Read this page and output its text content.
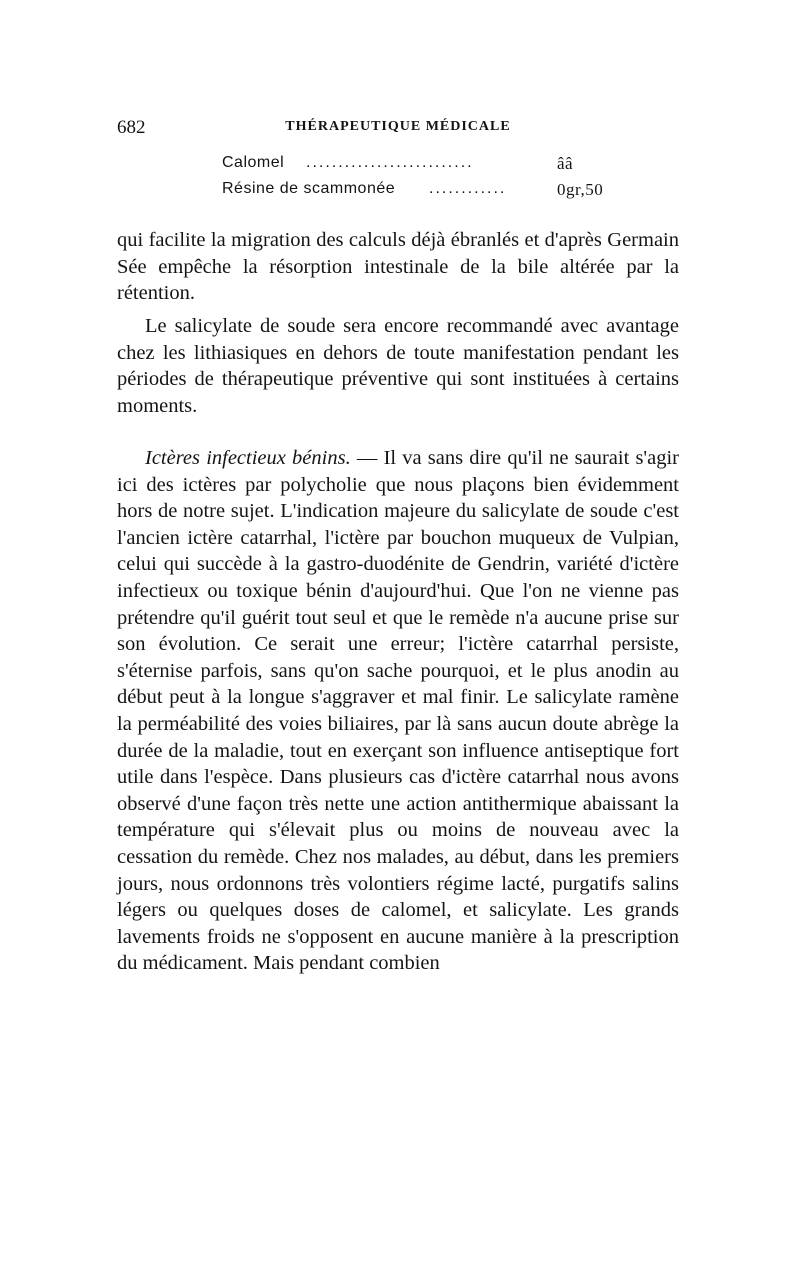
682	THÉRAPEUTIQUE MÉDICALE
Calomel ..........................	ââ
Résine de scammonée ............	0gr,50

qui facilite la migration des calculs déjà ébranlés et d'après Germain Sée empêche la résorption intestinale de la bile altérée par la rétention.

Le salicylate de soude sera encore recommandé avec avantage chez les lithiasiques en dehors de toute manifestation pendant les périodes de thérapeutique préventive qui sont instituées à certains moments.

Ictères infectieux bénins. — Il va sans dire qu'il ne saurait s'agir ici des ictères par polycholie que nous plaçons bien évidemment hors de notre sujet. L'indication majeure du salicylate de soude c'est l'ancien ictère catarrhal, l'ictère par bouchon muqueux de Vulpian, celui qui succède à la gastro-duodénite de Gendrin, variété d'ictère infectieux ou toxique bénin d'aujourd'hui. Que l'on ne vienne pas prétendre qu'il guérit tout seul et que le remède n'a aucune prise sur son évolution. Ce serait une erreur; l'ictère catarrhal persiste, s'éternise parfois, sans qu'on sache pourquoi, et le plus anodin au début peut à la longue s'aggraver et mal finir. Le salicylate ramène la perméabilité des voies biliaires, par là sans aucun doute abrège la durée de la maladie, tout en exerçant son influence antiseptique fort utile dans l'espèce. Dans plusieurs cas d'ictère catarrhal nous avons observé d'une façon très nette une action antithermique abaissant la température qui s'élevait plus ou moins de nouveau avec la cessation du remède. Chez nos malades, au début, dans les premiers jours, nous ordonnons très volontiers régime lacté, purgatifs salins légers ou quelques doses de calomel, et salicylate. Les grands lavements froids ne s'opposent en aucune manière à la prescription du médicament. Mais pendant combien
